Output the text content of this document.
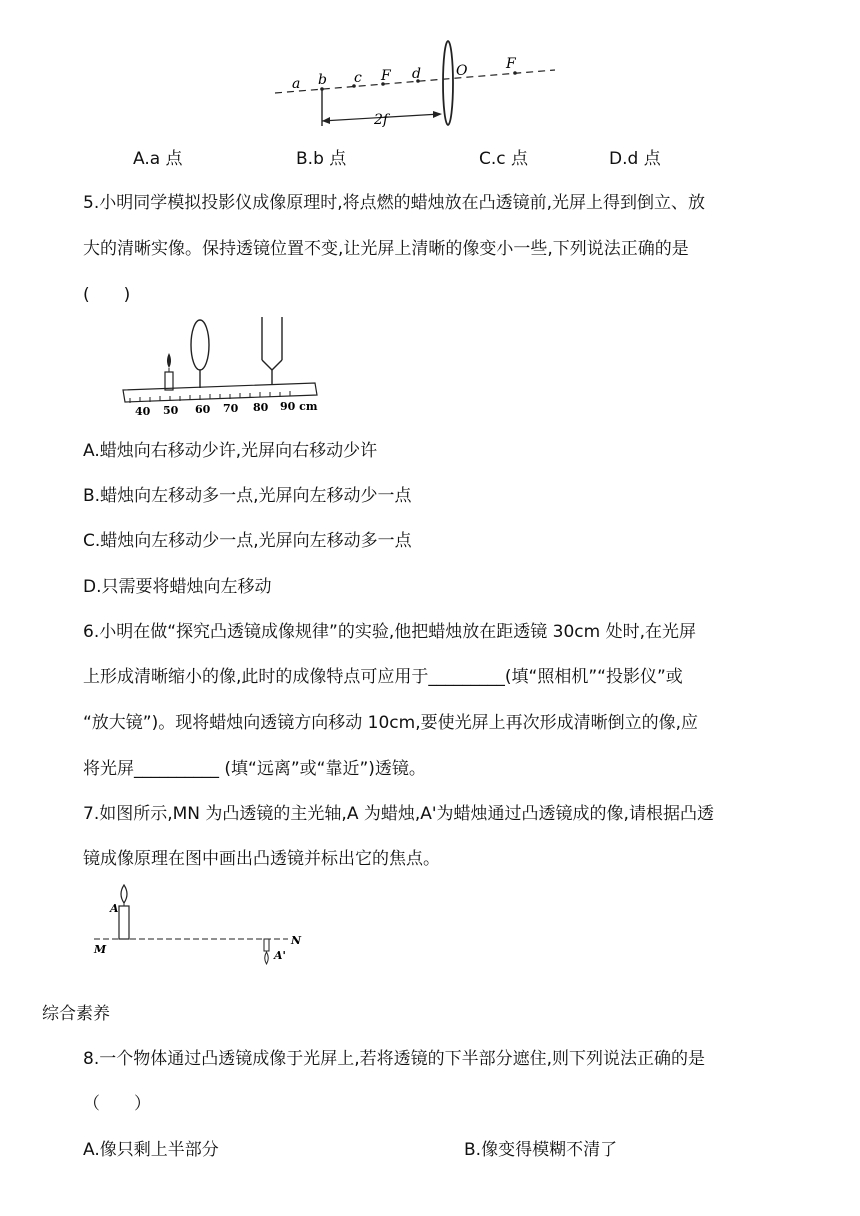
a b c F d	O	F
2f
A.a 点	B.b 点	C.c 点	D.d 点
5.小明同学模拟投影仪成像原理时,将点燃的蜡烛放在凸透镜前,光屏上得到倒立、放
大的清晰实像。保持透镜位置不变,让光屏上清晰的像变小一些,下列说法正确的是
(　　)
40 50 60 70 80 90 cm
A.蜡烛向右移动少许,光屏向右移动少许
B.蜡烛向左移动多一点,光屏向左移动少一点
C.蜡烛向左移动少一点,光屏向左移动多一点
D.只需要将蜡烛向左移动
6.小明在做“探究凸透镜成像规律”的实验,他把蜡烛放在距透镜 30cm 处时,在光屏
上形成清晰缩小的像,此时的成像特点可应用于_________(填“照相机”“投影仪”或
“放大镜”)。现将蜡烛向透镜方向移动 10cm,要使光屏上再次形成清晰倒立的像,应
将光屏__________ (填“远离”或“靠近”)透镜。
7.如图所示,MN 为凸透镜的主光轴,A 为蜡烛,A'为蜡烛通过凸透镜成的像,请根据凸透
镜成像原理在图中画出凸透镜并标出它的焦点。
A
M
N
A'
综合素养
8.一个物体通过凸透镜成像于光屏上,若将透镜的下半部分遮住,则下列说法正确的是
（　　）
A.像只剩上半部分	B.像变得模糊不清了
